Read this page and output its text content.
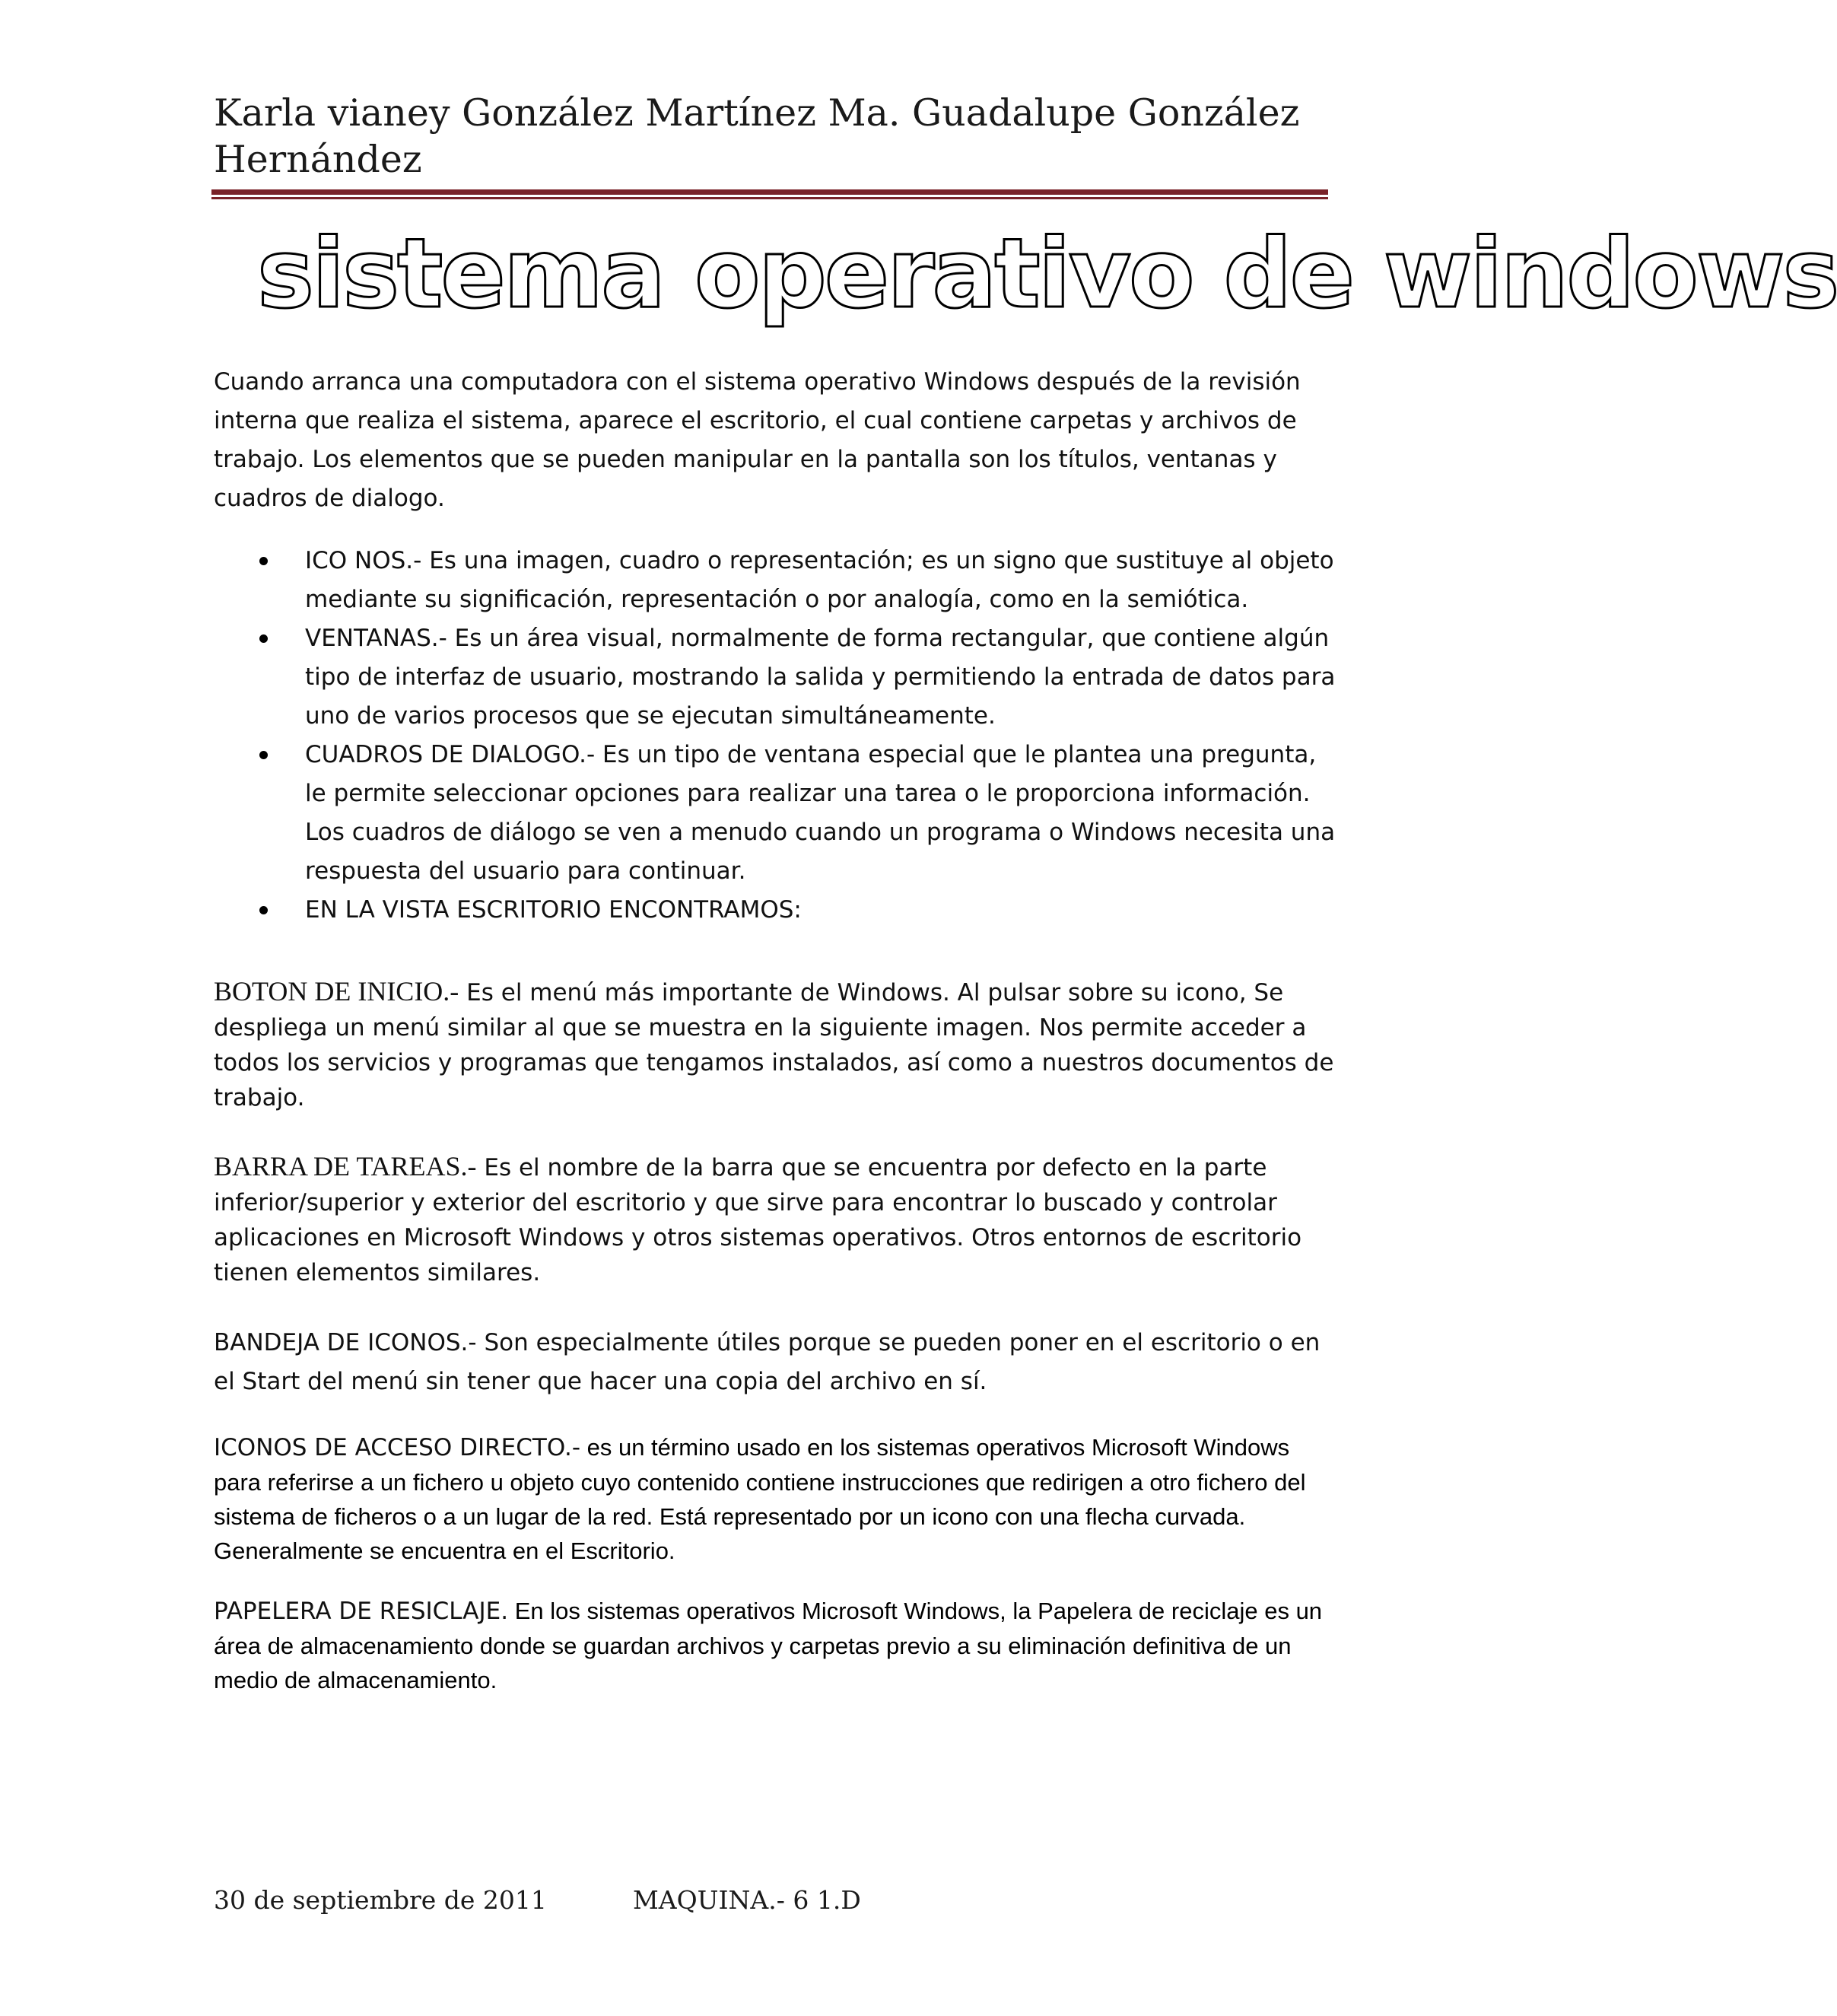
Karla vianey González Martínez Ma. Guadalupe González Hernández
sistema operativo de windows

Cuando arranca una computadora con el sistema operativo Windows después de la revisión interna que realiza el sistema, aparece el escritorio, el cual contiene carpetas y archivos de trabajo. Los elementos que se pueden manipular en la pantalla son los títulos, ventanas y cuadros de dialogo.

ICO NOS.- Es una imagen, cuadro o representación; es un signo que sustituye al objeto mediante su significación, representación o por analogía, como en la semiótica.
VENTANAS.- Es un área visual, normalmente de forma rectangular, que contiene algún tipo de interfaz de usuario, mostrando la salida y permitiendo la entrada de datos para uno de varios procesos que se ejecutan simultáneamente.
CUADROS DE DIALOGO.- Es un tipo de ventana especial que le plantea una pregunta, le permite seleccionar opciones para realizar una tarea o le proporciona información. Los cuadros de diálogo se ven a menudo cuando un programa o Windows necesita una respuesta del usuario para continuar.
EN LA VISTA ESCRITORIO ENCONTRAMOS:

BOTON DE INICIO.- Es el menú más importante de Windows. Al pulsar sobre su icono, Se despliega un menú similar al que se muestra en la siguiente imagen. Nos permite acceder a todos los servicios y programas que tengamos instalados, así como a nuestros documentos de trabajo.

BARRA DE TAREAS.- Es el nombre de la barra que se encuentra por defecto en la parte inferior/superior y exterior del escritorio y que sirve para encontrar lo buscado y controlar aplicaciones en Microsoft Windows y otros sistemas operativos. Otros entornos de escritorio tienen elementos similares.

BANDEJA DE ICONOS.- Son especialmente útiles porque se pueden poner en el escritorio o en el Start del menú sin tener que hacer una copia del archivo en sí.

ICONOS DE ACCESO DIRECTO.- es un término usado en los sistemas operativos Microsoft Windows para referirse a un fichero u objeto cuyo contenido contiene instrucciones que redirigen a otro fichero del sistema de ficheros o a un lugar de la red. Está representado por un icono con una flecha curvada. Generalmente se encuentra en el Escritorio.

PAPELERA DE RESICLAJE. En los sistemas operativos Microsoft Windows, la Papelera de reciclaje es un área de almacenamiento donde se guardan archivos y carpetas previo a su eliminación definitiva de un medio de almacenamiento.

30 de septiembre de 2011	MAQUINA.- 6 1.D
